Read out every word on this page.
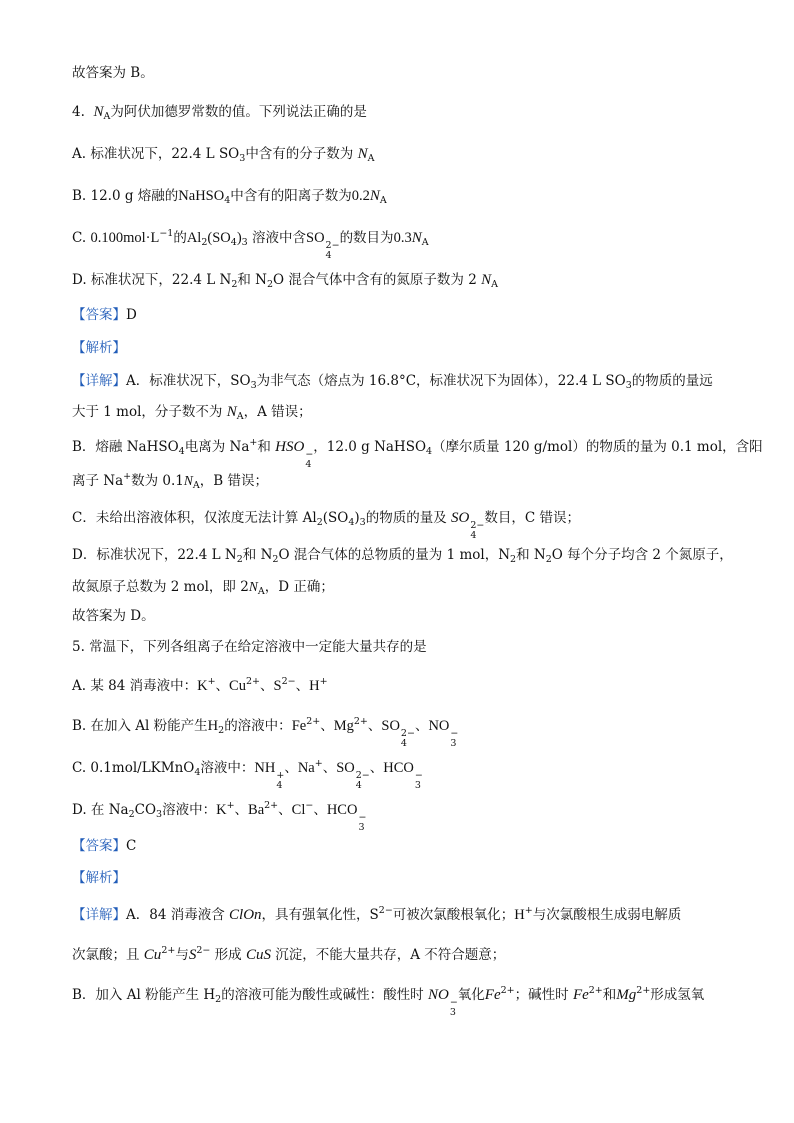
故答案为 B。
4. $N_A$为阿伏加德罗常数的值。下列说法正确的是
A. 标准状况下，22.4 L $SO_3$中含有的分子数为 $N_A$
B. 12.0 g 熔融的NaHSO$_4$中含有的阳离子数为$0.2N_A$
C. $0.100mol\cdot L^{-1}$的$Al_2(SO_4)_3$ 溶液中含SO 2−
4
的数目为$0.3N_A$
D. 标准状况下，22.4 L $N_2$和 $N_2O$ 混合气体中含有的氮原子数为 2 $N_A$
【答案】D
【解析】
【详解】A．标准状况下，$SO_3$为非气态（熔点为 16.8°C，标准状况下为固体），22.4 L $SO_3$的物质的量远
大于 1 mol，分子数不为 $N_A$，A 错误；
B．熔融 NaHSO$_4$电离为 Na+和 HSO −
4
，12.0 g NaHSO$_4$（摩尔质量 120 g/mol）的物质的量为 0.1 mol，含阳
离子 Na+数为 $0.1N_A$，B 错误；
C．未给出溶液体积，仅浓度无法计算 $Al_2(SO_4)_3$的物质的量及 SO 2−
4
数目，C 错误；
D．标准状况下，22.4 L $N_2$和 $N_2O$ 混合气体的总物质的量为 1 mol，$N_2$和 $N_2O$ 每个分子均含 2 个氮原子，
故氮原子总数为 2 mol，即 $2N_A$，D 正确；
故答案为 D。
5. 常温下，下列各组离子在给定溶液中一定能大量共存的是
A. 某 84 消毒液中：K+、$Cu^{2+}$、$S^{2-}$、H+
B. 在加入 Al 粉能产生$H_2$的溶液中：$Fe^{2+}$、$Mg^{2+}$、SO 2−
4
、NO −
3
C. 0.1mol/LKMnO$_4$溶液中：NH +
4
、Na+、SO 2−
4
、HCO −
3
D. 在 $Na_2CO_3$溶液中：K+、$Ba^{2+}$、Cl−、HCO −
3
【答案】C
【解析】
【详解】A．84 消毒液含 ClOn，具有强氧化性，$S^{2-}$可被次氯酸根氧化；H+与次氯酸根生成弱电解质
次氯酸；且 $Cu^{2+}$与$S^{2-}$ 形成 CuS 沉淀，不能大量共存，A 不符合题意；
B．加入 Al 粉能产生 $H_2$的溶液可能为酸性或碱性：酸性时 NO −
3
氧化$Fe^{2+}$；碱性时 $Fe^{2+}$和$Mg^{2+}$形成氢氧
